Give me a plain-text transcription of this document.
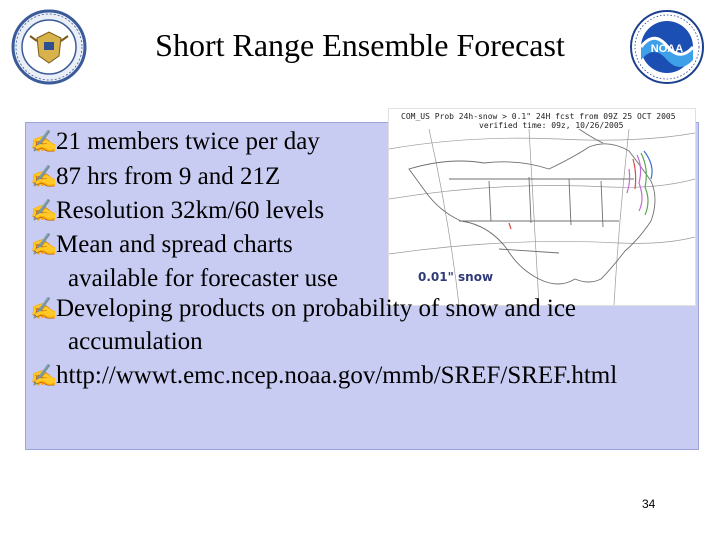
Short Range Ensemble Forecast	NOAA
COM_US Prob 24h-snow > 0.1" 24H fcst from 09Z 25 OCT 2005
verified time: 09z, 10/26/2005
0.01" snow
✍21 members twice per day
✍87 hrs from 9 and 21Z
✍Resolution 32km/60 levels
✍Mean and spread charts
available for forecaster use
✍Developing products on probability of snow and ice
accumulation
✍http://wwwt.emc.ncep.noaa.gov/mmb/SREF/SREF.html
34
